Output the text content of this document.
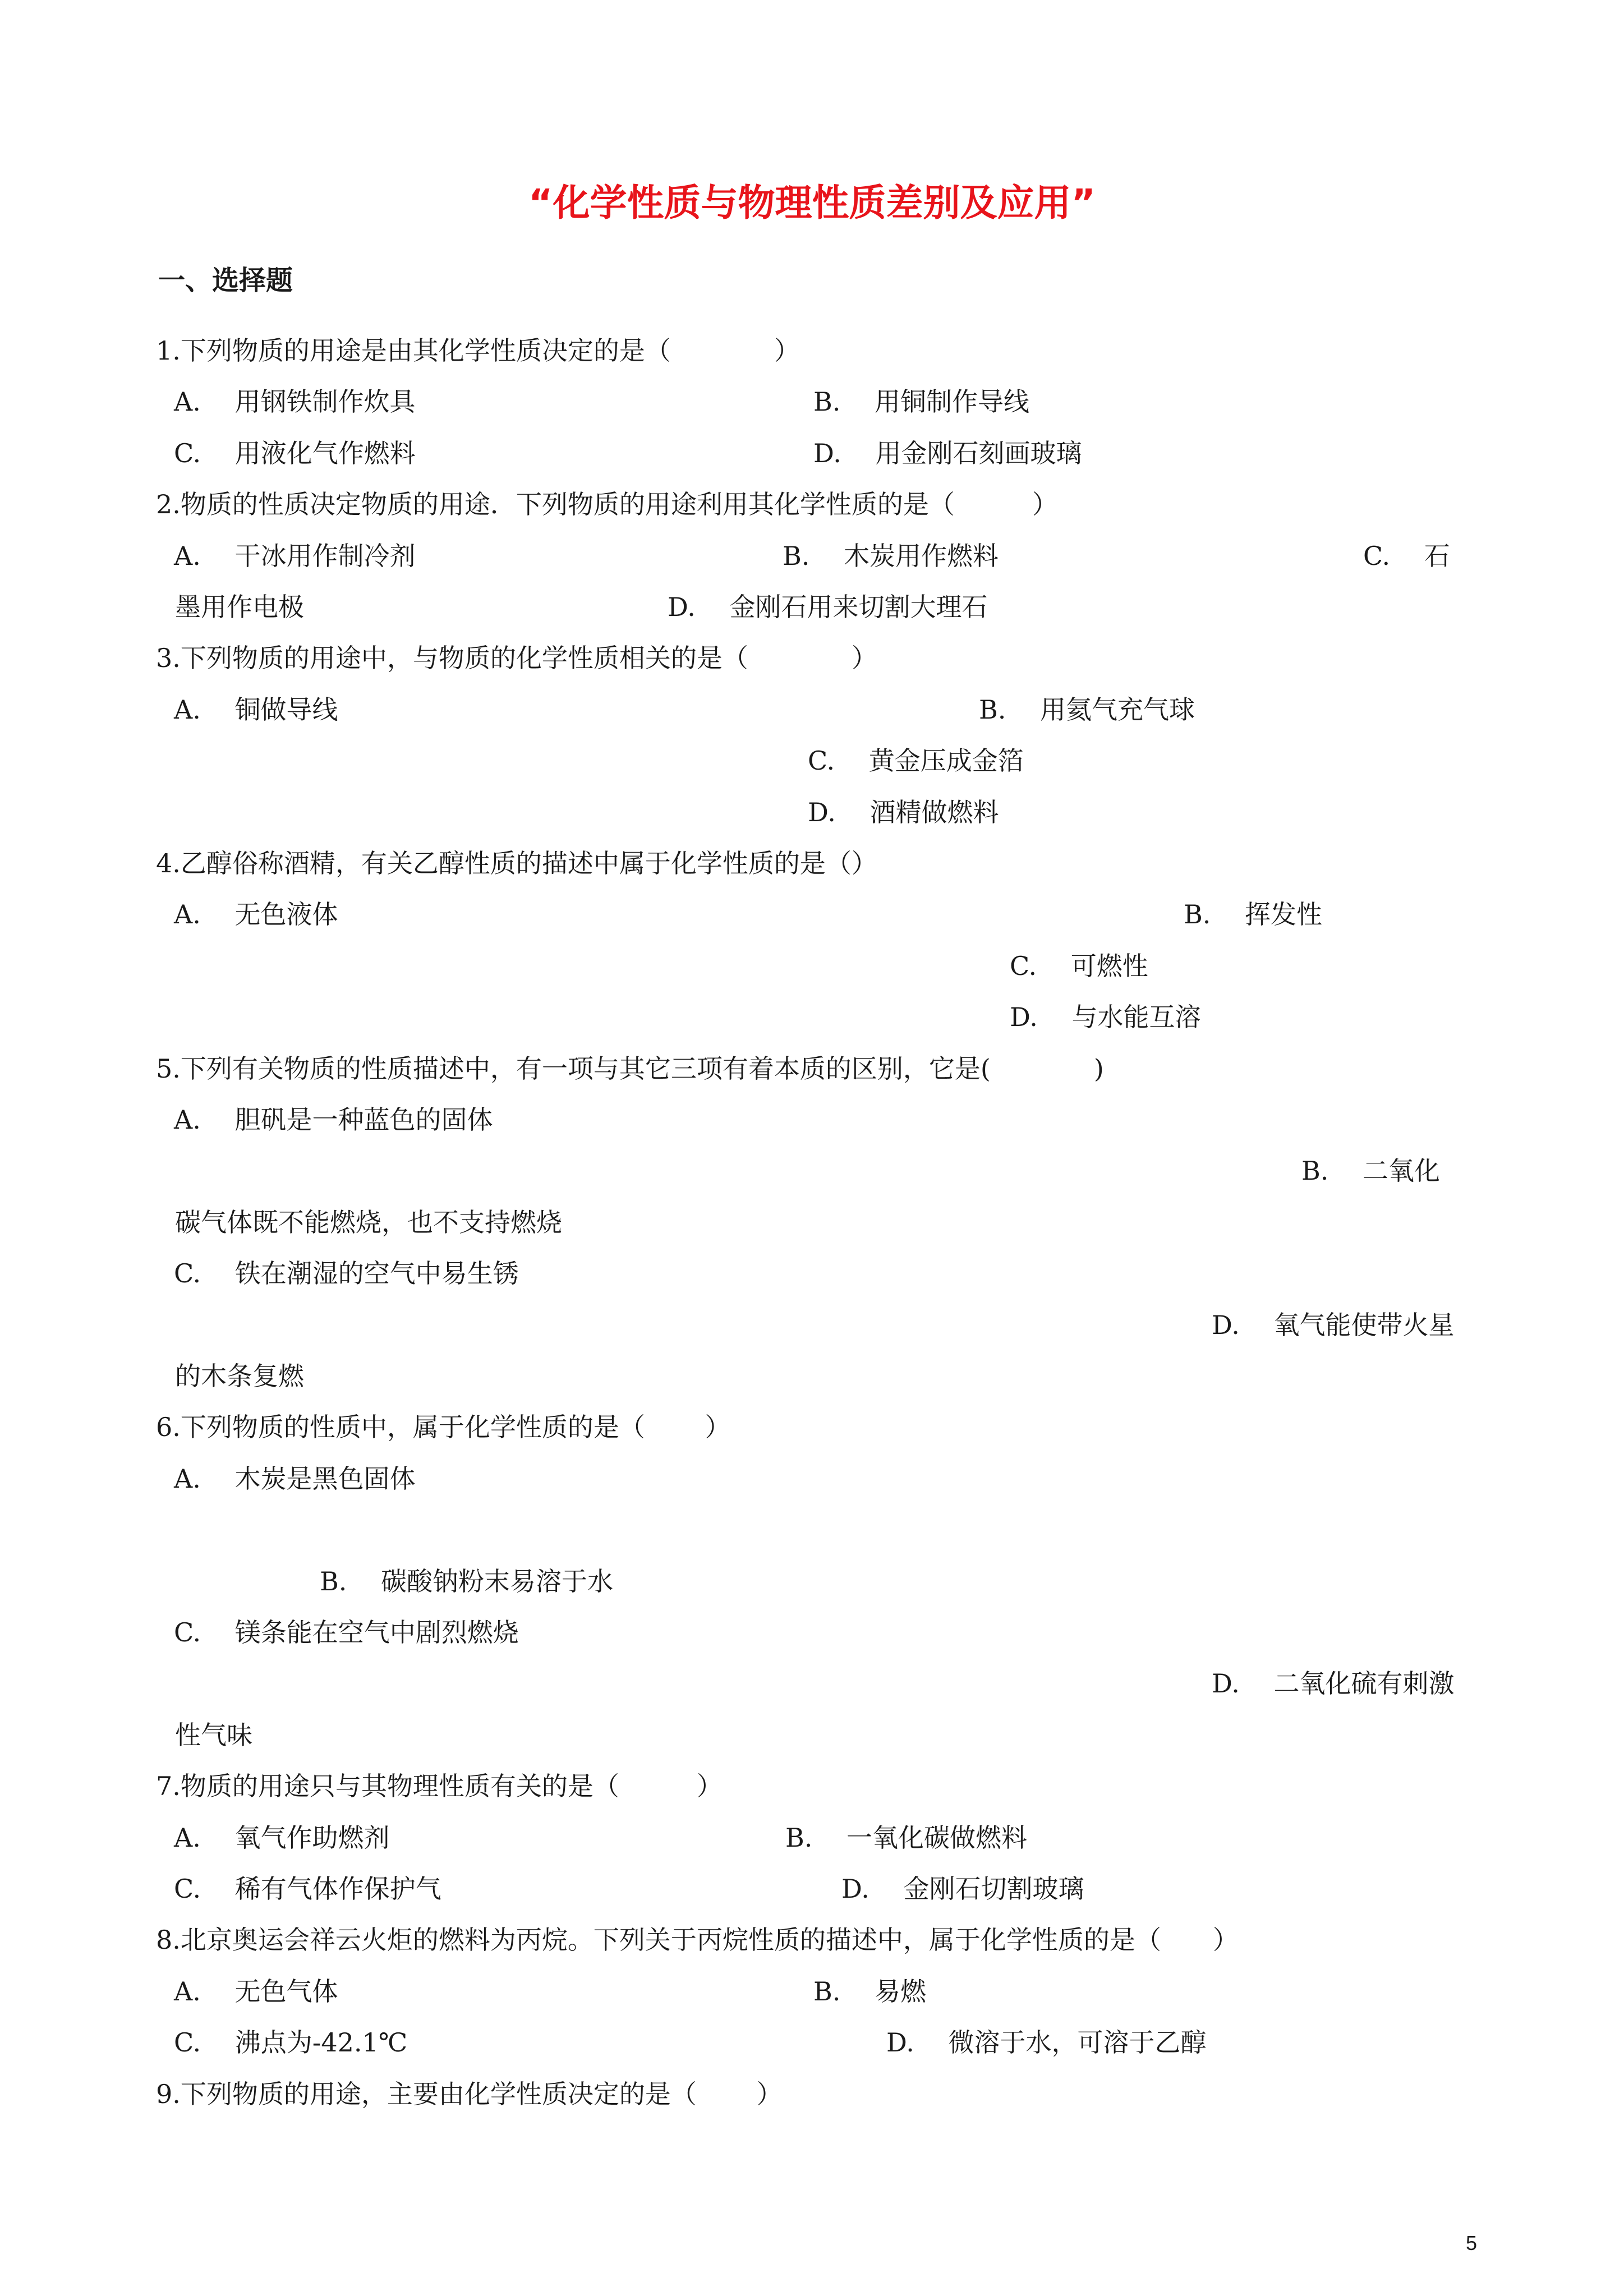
“化学性质与物理性质差别及应用”
一、选择题
1.下列物质的用途是由其化学性质决定的是（　　　　）
A.　 用钢铁制作炊具	B.　 用铜制作导线
C.　 用液化气作燃料	D.　 用金刚石刻画玻璃
2.物质的性质决定物质的用途．下列物质的用途利用其化学性质的是（　　　）
A.　 干冰用作制冷剂	B.　 木炭用作燃料	C.　 石
墨用作电极	D.　 金刚石用来切割大理石
3.下列物质的用途中，与物质的化学性质相关的是（　　　　）
A.　 铜做导线	B.　 用氦气充气球
C.　 黄金压成金箔
D.　 酒精做燃料
4.乙醇俗称酒精，有关乙醇性质的描述中属于化学性质的是（）
A.　 无色液体	B.　 挥发性
C.　 可燃性
D.　 与水能互溶
5.下列有关物质的性质描述中，有一项与其它三项有着本质的区别，它是(　　　　)
A.　 胆矾是一种蓝色的固体
B.　 二氧化
碳气体既不能燃烧，也不支持燃烧
C.　 铁在潮湿的空气中易生锈
D.　 氧气能使带火星
的木条复燃
6.下列物质的性质中，属于化学性质的是（　　 ）
A.　 木炭是黑色固体
B.　 碳酸钠粉末易溶于水
C.　 镁条能在空气中剧烈燃烧
D.　 二氧化硫有刺激
性气味
7.物质的用途只与其物理性质有关的是（　　　）
A.　 氧气作助燃剂	B.　 一氧化碳做燃料
C.　 稀有气体作保护气	D.　 金刚石切割玻璃
8.北京奥运会祥云火炬的燃料为丙烷。下列关于丙烷性质的描述中，属于化学性质的是（　　）
A.　 无色气体	B.　 易燃
C.　 沸点为-42.1℃	D.　 微溶于水，可溶于乙醇
9.下列物质的用途，主要由化学性质决定的是（　　 ）
5
